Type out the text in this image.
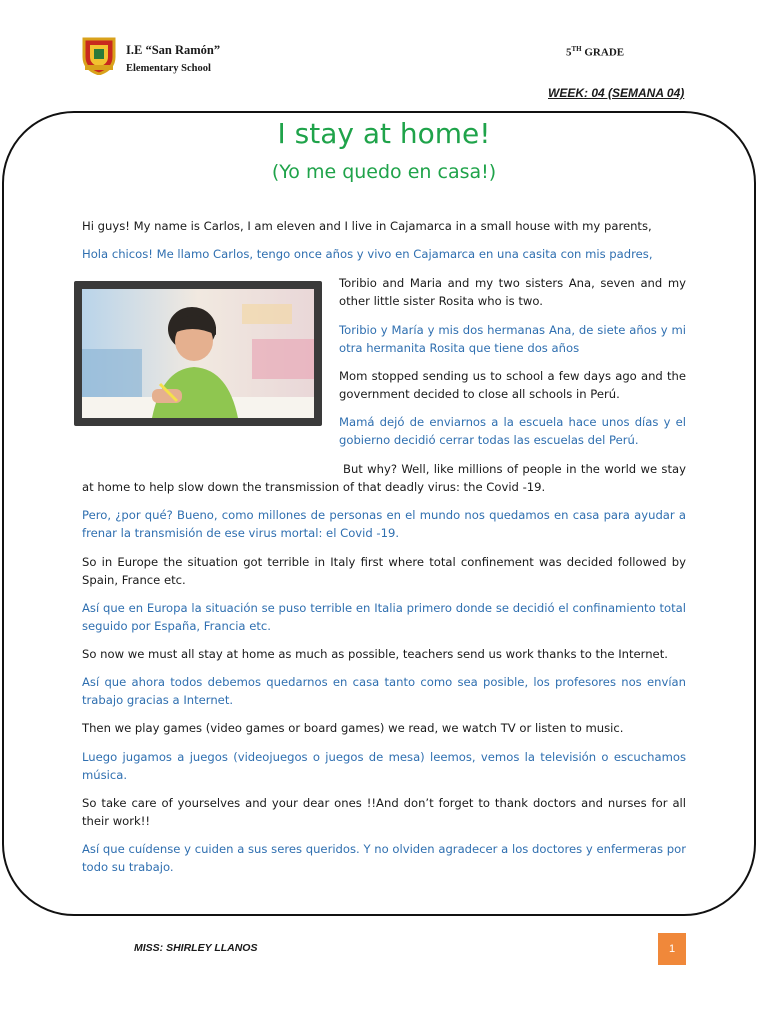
I.E “San Ramón”
Elementary School
5TH GRADE
WEEK: 04 (SEMANA 04)
I stay at home!
(Yo me quedo en casa!)

Hi guys! My name is Carlos, I am eleven and I live in Cajamarca in a small house with my parents,

Hola chicos! Me llamo Carlos, tengo once años y vivo en Cajamarca en una casita con mis padres,

Toribio and Maria and my two sisters Ana, seven and my other little sister Rosita who is two.

Toribio y María y mis dos hermanas Ana, de siete años y mi otra hermanita Rosita que tiene dos años

Mom stopped sending us to school a few days ago and the government decided to close all schools in Perú.

Mamá dejó de enviarnos a la escuela hace unos días y el gobierno decidió cerrar todas las escuelas del Perú.

But why? Well, like millions of people in the world we stay at home to help slow down the transmission of that deadly virus: the Covid -19.

Pero, ¿por qué? Bueno, como millones de personas en el mundo nos quedamos en casa para ayudar a frenar la transmisión de ese virus mortal: el Covid -19.

So in Europe the situation got terrible in Italy first where total confinement was decided followed by Spain, France etc.

Así que en Europa la situación se puso terrible en Italia primero donde se decidió el confinamiento total seguido por España, Francia etc.

So now we must all stay at home as much as possible, teachers send us work thanks to the Internet.

Así que ahora todos debemos quedarnos en casa tanto como sea posible, los profesores nos envían trabajo gracias a Internet.

Then we play games (video games or board games) we read, we watch TV or listen to music.

Luego jugamos a juegos (videojuegos o juegos de mesa) leemos, vemos la televisión o escuchamos música.

So take care of yourselves and your dear ones !!And don’t forget to thank doctors and nurses for all their work!!

Así que cuídense y cuiden a sus seres queridos. Y no olviden agradecer a los doctores y enfermeras por todo su trabajo.

MISS: SHIRLEY LLANOS	1
